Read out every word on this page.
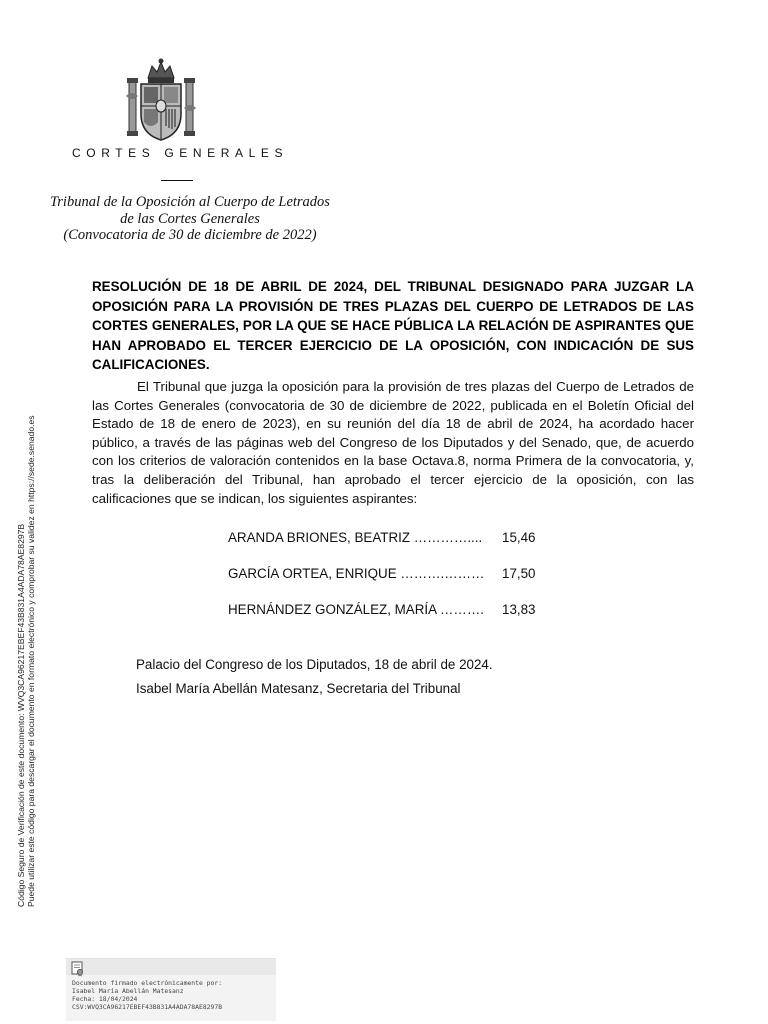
CORTES GENERALES
Tribunal de la Oposición al Cuerpo de Letrados
de las Cortes Generales
(Convocatoria de 30 de diciembre de 2022)

RESOLUCIÓN DE 18 DE ABRIL DE 2024, DEL TRIBUNAL DESIGNADO PARA JUZGAR LA OPOSICIÓN PARA LA PROVISIÓN DE TRES PLAZAS DEL CUERPO DE LETRADOS DE LAS CORTES GENERALES, POR LA QUE SE HACE PÚBLICA LA RELACIÓN DE ASPIRANTES QUE HAN APROBADO EL TERCER EJERCICIO DE LA OPOSICIÓN, CON INDICACIÓN DE SUS CALIFICACIONES.

El Tribunal que juzga la oposición para la provisión de tres plazas del Cuerpo de Letrados de las Cortes Generales (convocatoria de 30 de diciembre de 2022, publicada en el Boletín Oficial del Estado de 18 de enero de 2023), en su reunión del día 18 de abril de 2024, ha acordado hacer público, a través de las páginas web del Congreso de los Diputados y del Senado, que, de acuerdo con los criterios de valoración contenidos en la base Octava.8, norma Primera de la convocatoria, y, tras la deliberación del Tribunal, han aprobado el tercer ejercicio de la oposición, con las calificaciones que se indican, los siguientes aspirantes:

ARANDA BRIONES, BEATRIZ ………….... 15,46
GARCÍA ORTEA, ENRIQUE ……….……… 17,50
HERNÁNDEZ GONZÁLEZ, MARÍA ………. 13,83
Palacio del Congreso de los Diputados, 18 de abril de 2024.
Isabel María Abellán Matesanz, Secretaria del Tribunal
Código Seguro de Verificación de este documento: WVQ3CA96217EBEF43B831A4ADA78AE8297B Puede utilizar este código para descargar el documento en formato electrónico y comprobar su validez en https://sede.senado.es
Documento firmado electrónicamente por:
Isabel María Abellán Matesanz
Fecha: 18/04/2024
CSV:WVQ3CA96217EBEF43B831A4ADA78AE8297B
